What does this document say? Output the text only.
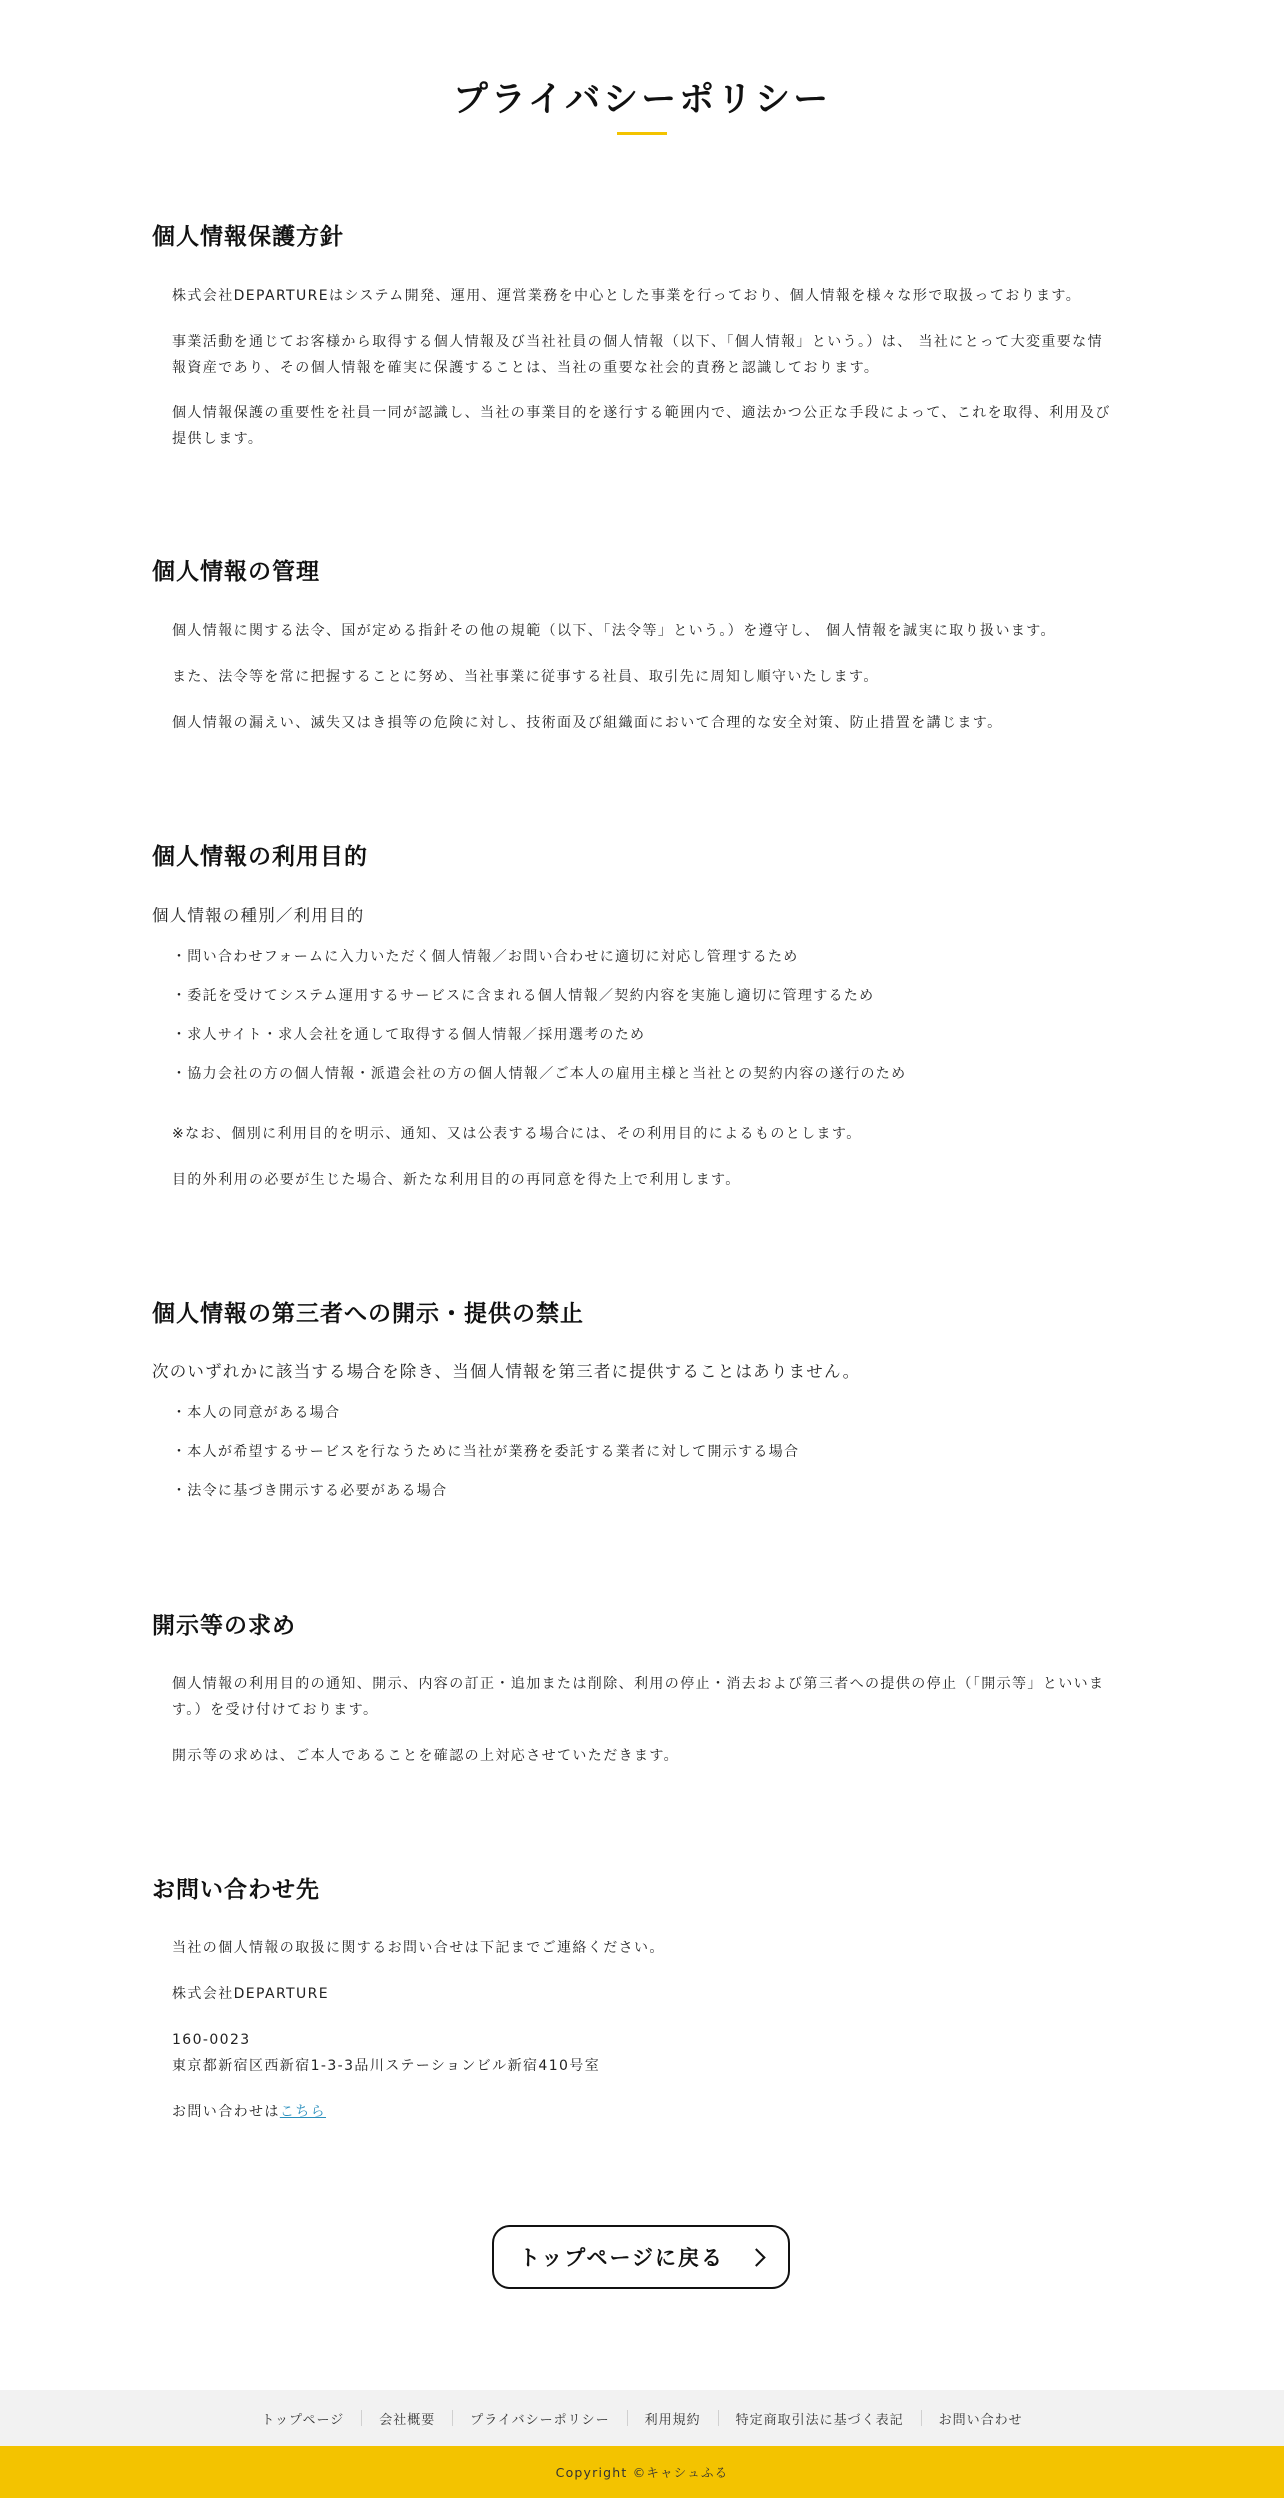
プライバシーポリシー
個人情報保護方針

株式会社DEPARTUREはシステム開発、運用、運営業務を中心とした事業を行っており、個人情報を様々な形で取扱っております。

事業活動を通じてお客様から取得する個人情報及び当社社員の個人情報（以下、「個人情報」という。）は、 当社にとって大変重要な情報資産であり、その個人情報を確実に保護することは、当社の重要な社会的責務と認識しております。

個人情報保護の重要性を社員一同が認識し、当社の事業目的を遂行する範囲内で、適法かつ公正な手段によって、これを取得、利用及び提供します。

個人情報の管理

個人情報に関する法令、国が定める指針その他の規範（以下、「法令等」という。）を遵守し、 個人情報を誠実に取り扱います。

また、法令等を常に把握することに努め、当社事業に従事する社員、取引先に周知し順守いたします。

個人情報の漏えい、滅失又はき損等の危険に対し、技術面及び組織面において合理的な安全対策、防止措置を講じます。

個人情報の利用目的

個人情報の種別／利用目的

・問い合わせフォームに入力いただく個人情報／お問い合わせに適切に対応し管理するため

・委託を受けてシステム運用するサービスに含まれる個人情報／契約内容を実施し適切に管理するため

・求人サイト・求人会社を通して取得する個人情報／採用選考のため

・協力会社の方の個人情報・派遣会社の方の個人情報／ご本人の雇用主様と当社との契約内容の遂行のため

※なお、個別に利用目的を明示、通知、又は公表する場合には、その利用目的によるものとします。

目的外利用の必要が生じた場合、新たな利用目的の再同意を得た上で利用します。

個人情報の第三者への開示・提供の禁止

次のいずれかに該当する場合を除き、当個人情報を第三者に提供することはありません。

・本人の同意がある場合

・本人が希望するサービスを行なうために当社が業務を委託する業者に対して開示する場合

・法令に基づき開示する必要がある場合

開示等の求め

個人情報の利用目的の通知、開示、内容の訂正・追加または削除、利用の停止・消去および第三者への提供の停止（「開示等」といいます。）を受け付けております。

開示等の求めは、ご本人であることを確認の上対応させていただきます。

お問い合わせ先

当社の個人情報の取扱に関するお問い合せは下記までご連絡ください。

株式会社DEPARTURE

160-0023

東京都新宿区西新宿1-3-3品川ステーションビル新宿410号室

お問い合わせはこちら

トップページに戻る
トップページ	会社概要	プライバシーポリシー	利用規約	特定商取引法に基づく表記	お問い合わせ
Copyright ©キャシュふる
